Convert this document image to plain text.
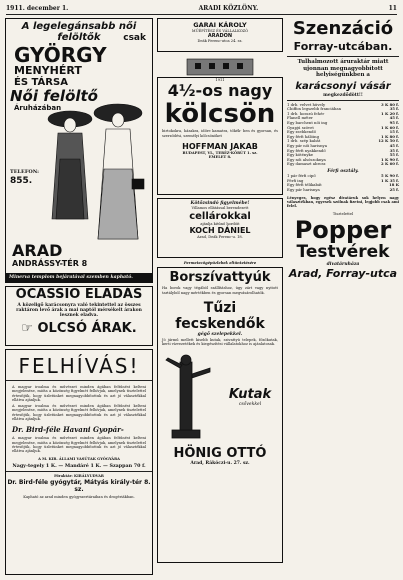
1911. december 1.	ARADI KÖZLÖNY.	11
A legelegánsabb női felöltők	csak
GYÖRGY
MENYHÉRT
ÉS TÁRSA
Női felöltő
Áruházában
TELEFON:
855.
ARAD
ANDRÁSSY-TÉR 8
Minerva templom bejáratával szemben kapható.
OCASSIO ELADÁS
A közeligő karácsonyra való tekintettel az összes raktáron levő árak a mai naptól mérsékelt árakon lesznek eladva.
☞ OLCSÓ ÁRAK.
FELHÍVÁS!
A magyar iroalma és művészet minden ágában feltűnést kelteni megjelenése, mióta a közönség figyelmét felhívjuk, amelynek tisztelettel értesítjük, hogy üzletünket megnagyobbítottuk és azt jó választékkal ellátva ajánljuk.
A magyar iroalma és művészet minden ágában feltűnést kelteni megjelenése, mióta a közönség figyelmét felhívjuk, amelynek tisztelettel értesítjük, hogy üzletünket megnagyobbítottuk és azt jó választékkal ellátva ajánljuk.
Dr. Bird-féle Havani Gyopár-
A magyar iroalma és művészet minden ágában feltűnést kelteni megjelenése, mióta a közönség figyelmét felhívjuk, amelynek tisztelettel értesítjük, hogy üzletünket megnagyobbítottuk és azt jó választékkal ellátva ajánljuk.
A M. KIR. ÁLLAMI VASÚTAK GYÓGYÁRA
Nagy-tegely 1 K. — Mandáré 1 K. — Szappan 70 f.
Főraktár: KIRÁLYUDVAR
Dr. Bird-féle gyógytár, Mátyás király-tér 8. sz.
Kapható az arad minden gyógyszertáraiban és drogériákban.
GARAI KÁROLY
MŰÉPÍTÉSZ ÉS VÁLLALKOZÓ
ARADON
Deák Ferenc-utca 24. sz.
1911
4½-os nagy
kölcsön
birtokokra, házakra, időre kamatra, tőkék- ben és gyorsan, és szerződési, személyi kölcsönöket
HOFFMAN JAKAB
BUDAPEST, VI., TERÉZ-KÖRÚT 1. sz.
EMELET 8.
Kötőzsindó figyelmébe!
Villamos ellátással berendezett
cellárokkal
ajánlja kitűnő hordóit
KOCH DÁNIEL
Arad, Deák Ferenc-u. 18.
Permetezőgépüzlebek eltűntetésére
Borszívattyúk
Ha borok vagy tégából szállításhoz, úgy zárt vagy nyitott tartályból nagy mértékben és gyorsan megvásárolhatók.
Tűzi fecskendők
gégő szelepekkel.
Jó jármű mellett kisebb kutak, szivattyú telepek, főzőkutak, kerti vízvezetékek és kiegészítési vállalatokhoz is ajánlatosak.
Kutak
csővekkel
HÖNIG OTTÓ
Arad, Rákóczi-u. 27. sz.
Szenzáció
Forray-utcában.
Tulhalmozott áruraktár miatt ujonnan megnagyobbított helyiségünkben a
karácsonyi vásár
megkezdődött!!
1 drb. velvet hüvely	3 K 80 f.
Chiffon legszebb franciában	35 f.
1 drb. hosszú fehér	1 K 20 f.
Flanell méter	45 f.
Egy barchent női ing	95 f.
Gyapjú szövet	1 K 60 f.
Egy zsebkendő	15 f.
Egy férfi hálóing	1 K 80 f.
1 drb. szép kabát	12 K 50 f.
Egy pár női harisnya	45 f.
Egy férfi nyakkendő	35 f.
Egy kötényke	55 f.
Egy női alsószoknya	1 K 90 f.
Egy damaszt abrosz	2 K 60 f.
Férfi osztály.
1 pár férfi cipő	5 K 90 f.
Férfi ing	1 K 35 f.
Egy férfi télikabát	18 K
Egy pár harisnya	25 f.
Lényeges, hogy egész dívatáruk sok helyen nagy választékban, egyesek szólnak fizetni, legjobb csak ami felel.
Tisztelettel
Popper
Testvérek
divatáruháza
Arad, Forray-utca
